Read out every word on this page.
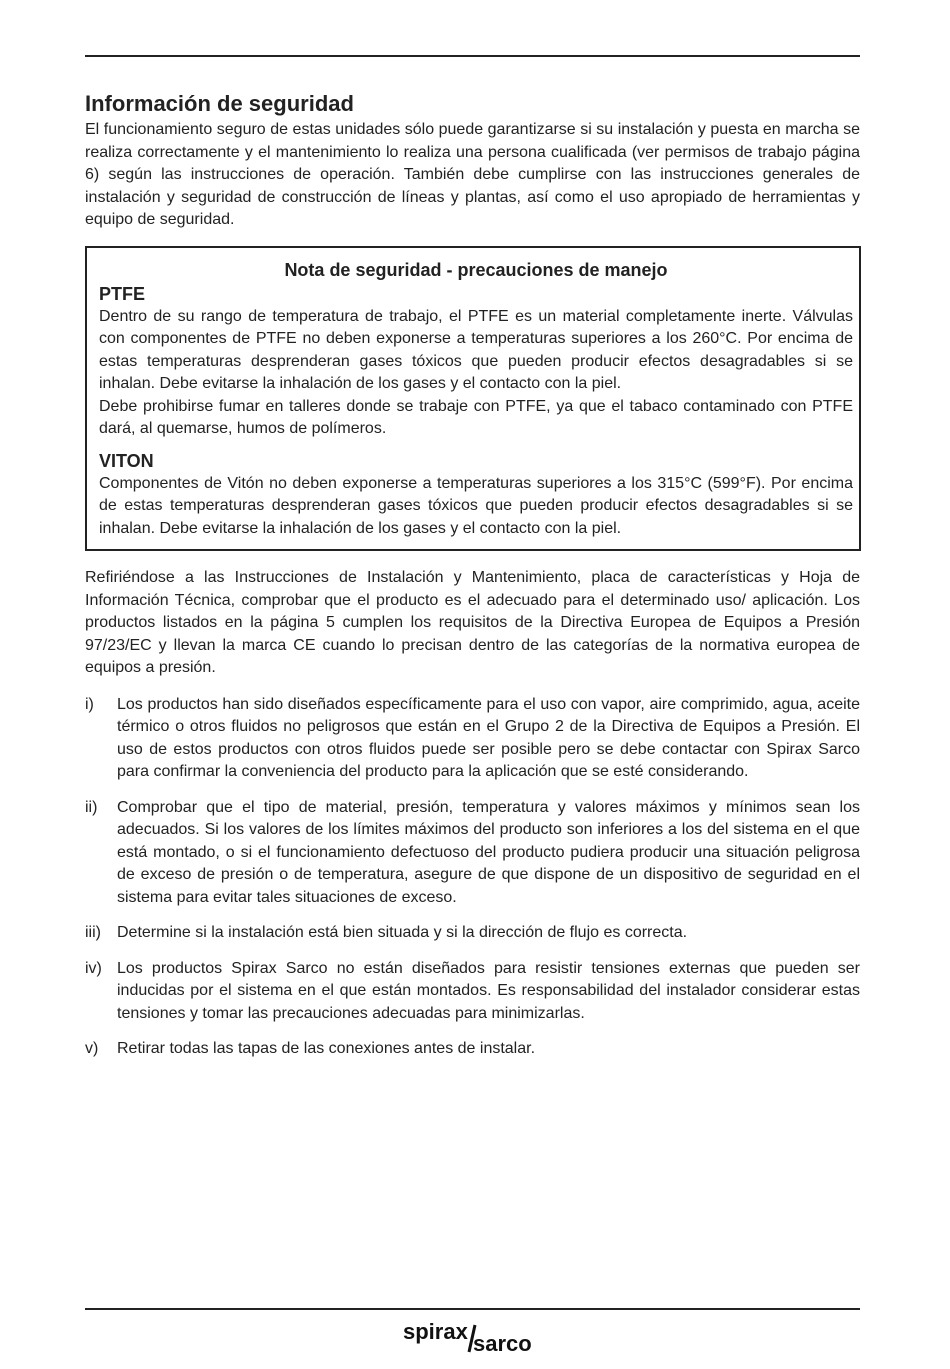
Información de seguridad

El funcionamiento seguro de estas unidades sólo puede garantizarse si su instalación y puesta en marcha se realiza correctamente y el mantenimiento lo realiza una persona cualificada (ver permisos de trabajo página 6) según las instrucciones de operación. También debe cumplirse con las instrucciones generales de instalación y seguridad de construcción de líneas y plantas, así como el uso apropiado de herramientas y equipo de seguridad.

Nota de seguridad - precauciones de manejo
PTFE

Dentro de su rango de temperatura de trabajo, el PTFE es un material completamente inerte. Válvulas con componentes de PTFE no deben exponerse a temperaturas superiores a los 260°C. Por encima de estas temperaturas desprenderan gases tóxicos que pueden producir efectos desagradables si se inhalan. Debe evitarse la inhalación de los gases y el contacto con la piel.

Debe prohibirse fumar en talleres donde se trabaje con PTFE, ya que el tabaco contaminado con PTFE dará, al quemarse, humos de polímeros.

VITON

Componentes de Vitón no deben exponerse a temperaturas superiores a los 315°C (599°F). Por encima de estas temperaturas desprenderan gases tóxicos que pueden producir efectos desagradables si se inhalan. Debe evitarse la inhalación de los gases y el contacto con la piel.

Refiriéndose a las Instrucciones de Instalación y Mantenimiento, placa de características y Hoja de Información Técnica, comprobar que el producto es el adecuado para el determinado uso/ aplicación. Los productos listados en la página 5 cumplen los requisitos de la Directiva Europea de Equipos a Presión 97/23/EC y llevan la marca CE cuando lo precisan dentro de las categorías de la normativa europea de equipos a presión.

i)	Los productos han sido diseñados específicamente para el uso con vapor, aire comprimido, agua, aceite térmico o otros fluidos no peligrosos que están en el Grupo 2 de la Directiva de Equipos a Presión. El uso de estos productos con otros fluidos puede ser posible pero se debe contactar con Spirax Sarco para confirmar la conveniencia del producto para la aplicación que se esté considerando.
ii)	Comprobar que el tipo de material, presión, temperatura y valores máximos y mínimos sean los adecuados. Si los valores de los límites máximos del producto son inferiores a los del sistema en el que está montado, o si el funcionamiento defectuoso del producto pudiera producir una situación peligrosa de exceso de presión o de temperatura, asegure de que dispone de un dispositivo de seguridad en el sistema para evitar tales situaciones de exceso.
iii)	Determine si la instalación está bien situada y si la dirección de flujo es correcta.
iv) Los productos Spirax Sarco no están diseñados para resistir tensiones externas que pueden ser inducidas por el sistema en el que están montados. Es responsabilidad del instalador considerar estas tensiones y tomar las precauciones adecuadas para minimizarlas.
v)	Retirar todas las tapas de las conexiones antes de instalar.
spirax sarco
